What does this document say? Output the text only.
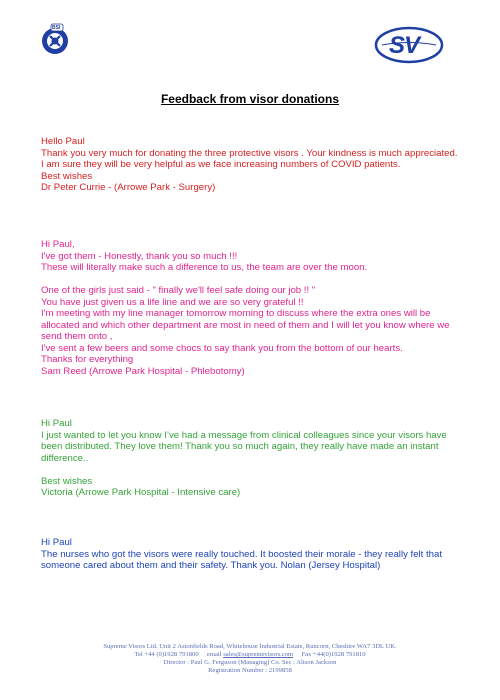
BSI
SV
Feedback from visor donations

Hello Paul

Thank you very much for donating the three protective visors . Your kindness is much appreciated. I am sure they will be very helpful as we face increasing numbers of COVID patients.

Best wishes

Dr Peter Currie - (Arrowe Park - Surgery)

Hi Paul,

I've got them - Honestly, thank you so much !!!

These will literally make such a difference to us, the team are over the moon.

One of the girls just said - " finally we'll feel safe doing our job !! "

You have just given us a life line and we are so very grateful !!

I'm meeting with my line manager tomorrow morning to discuss where the extra ones will be allocated and which other department are most in need of them and I will let you know where we send them onto ,

I've sent a few beers and some chocs to say thank you from the bottom of our hearts.

Thanks for everything

Sam Reed (Arrowe Park Hospital - Phlebotomy)

Hi Paul

I just wanted to let you know I’ve had a message from clinical colleagues since your visors have been distributed. They love them! Thank you so much again, they really have made an instant difference..

Best wishes

Victoria (Arrowe Park Hospital - Intensive care)

Hi Paul

The nurses who got the visors were really touched. It boosted their morale - they really felt that someone cared about them and their safety. Thank you. Nolan (Jersey Hospital)

Supreme Visors Ltd. Unit 2 Astonfields Road, Whitehouse Industrial Estate, Runcorn, Cheshire WA7 3DL UK.

Tel +44 (0)1928 791800 email sales@supremevisors.com Fax +44(0)1928 791810

Director : Paul G. Ferguson (Managing) Co. Sec : Alison Jackson

Registration Number : 2199858
